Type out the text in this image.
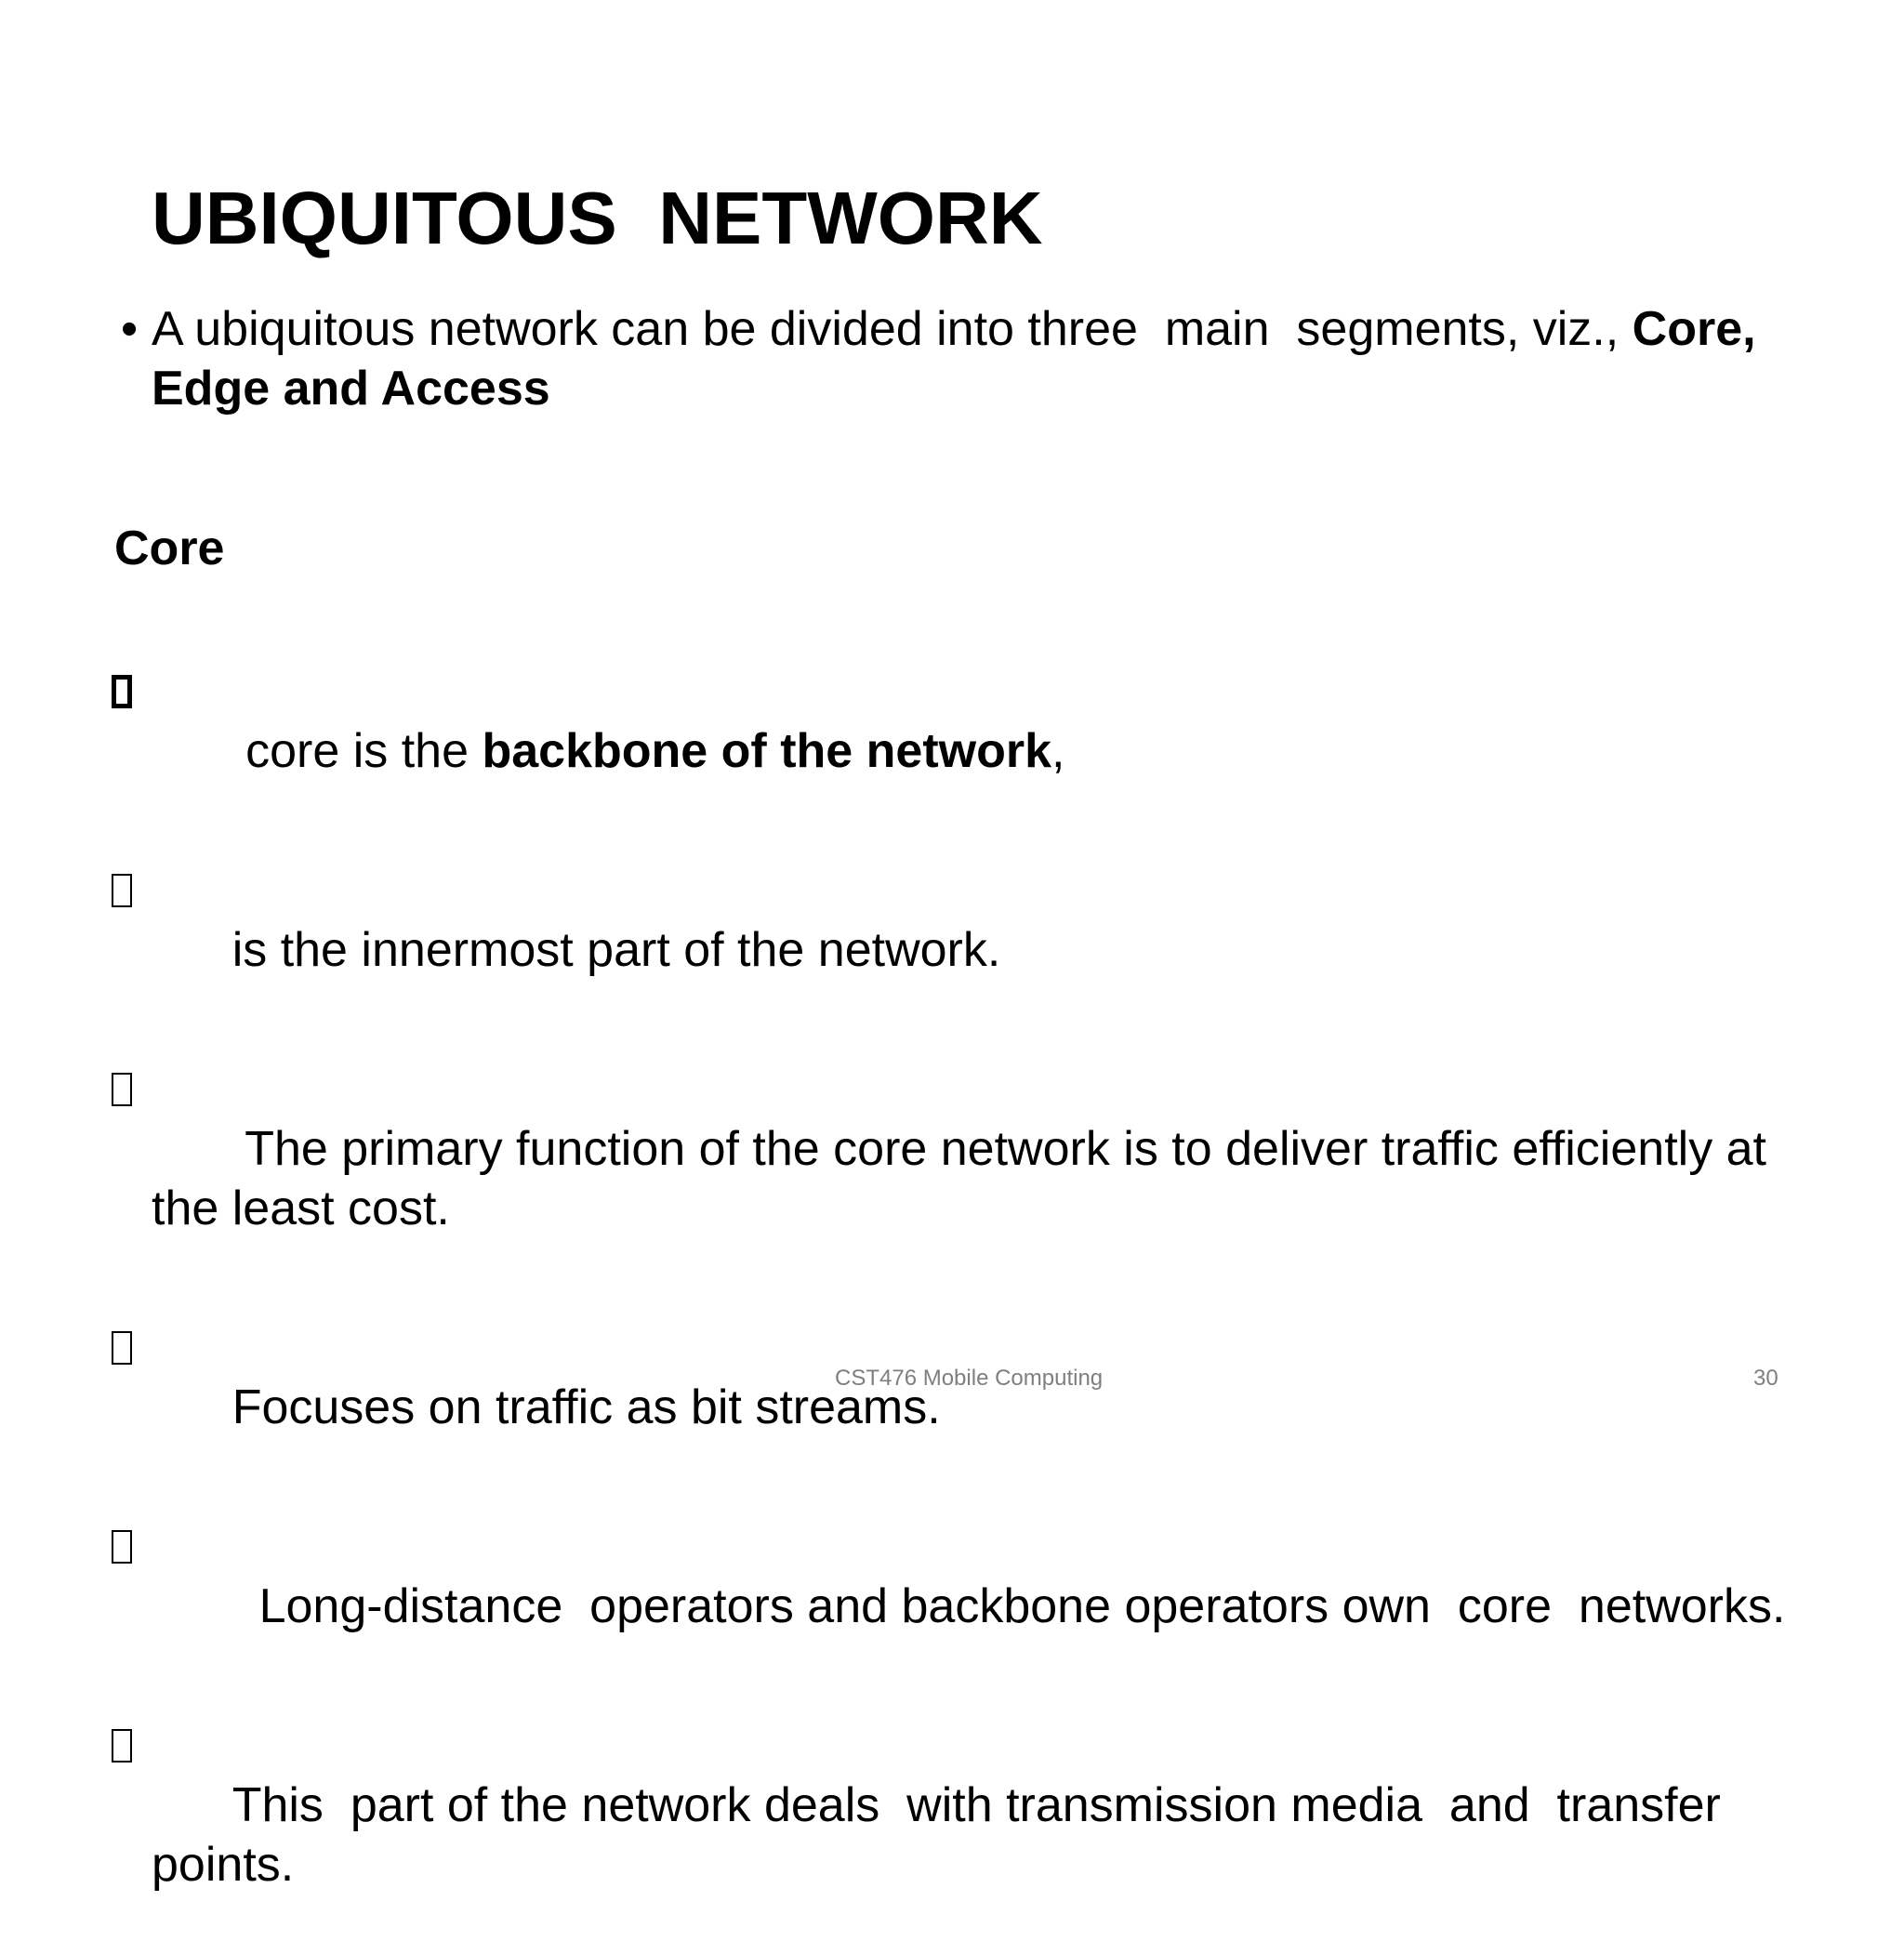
UBIQUITOUS  NETWORK
• A ubiquitous network can be divided into three  main  segments, viz., Core, Edge and Access
Core

core is the backbone of the network,

is the innermost part of the network.

The primary function of the core network is to deliver traffic efficiently at the least cost.

Focuses on traffic as bit streams.

Long-distance  operators and backbone operators own  core  networks.

This  part of the network deals  with transmission media  and  transfer points.

CST476 Mobile Computing	30
